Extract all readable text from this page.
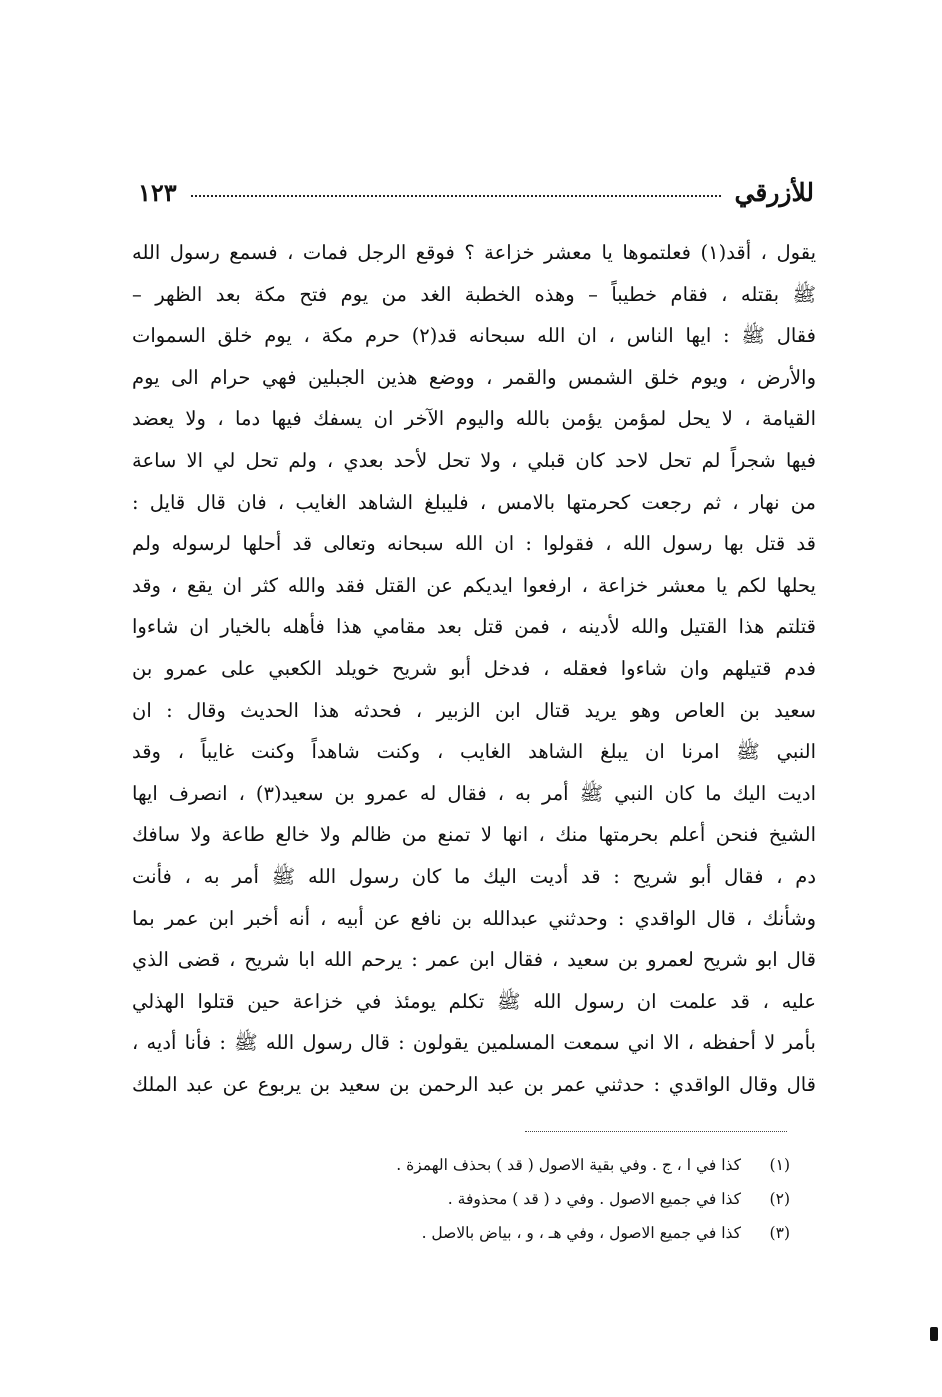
للأزرقي
١٢٣
يقول ، أقد(١) فعلتموها يا معشر خزاعة ؟ فوقع الرجل فمات ، فسمع رسول الله
ﷺ بقتله ، فقام خطيباً – وهذه الخطبة الغد من يوم فتح مكة بعد الظهر –
فقال ﷺ : ايها الناس ، ان الله سبحانه قد(٢) حرم مكة ، يوم خلق السموات
والأرض ، ويوم خلق الشمس والقمر ، ووضع هذين الجبلين فهي حرام الى يوم
القيامة ، لا يحل لمؤمن يؤمن بالله واليوم الآخر ان يسفك فيها دما ، ولا يعضد
فيها شجراً لم تحل لاحد كان قبلي ، ولا تحل لأحد بعدي ، ولم تحل لي الا ساعة
من نهار ، ثم رجعت كحرمتها بالامس ، فليبلغ الشاهد الغايب ، فان قال قايل :
قد قتل بها رسول الله ، فقولوا : ان الله سبحانه وتعالى قد أحلها لرسوله ولم
يحلها لكم يا معشر خزاعة ، ارفعوا ايديكم عن القتل فقد والله كثر ان يقع ، وقد
قتلتم هذا القتيل والله لأدينه ، فمن قتل بعد مقامي هذا فأهله بالخيار ان شاءوا
فدم قتيلهم وان شاءوا فعقله ، فدخل أبو شريح خويلد الكعبي على عمرو بن
سعيد بن العاص وهو يريد قتال ابن الزبير ، فحدثه هذا الحديث وقال : ان
النبي ﷺ امرنا ان يبلغ الشاهد الغايب ، وكنت شاهداً وكنت غايباً ، وقد
اديت اليك ما كان النبي ﷺ أمر به ، فقال له عمرو بن سعيد(٣) ، انصرف ايها
الشيخ فنحن أعلم بحرمتها منك ، انها لا تمنع من ظالم ولا خالع طاعة ولا سافك
دم ، فقال أبو شريح : قد أديت اليك ما كان رسول الله ﷺ أمر به ، فأنت
وشأنك ، قال الواقدي : وحدثني عبدالله بن نافع عن أبيه ، أنه أخبر ابن عمر بما
قال ابو شريح لعمرو بن سعيد ، فقال ابن عمر : يرحم الله ابا شريح ، قضى الذي
عليه ، قد علمت ان رسول الله ﷺ تكلم يومئذ في خزاعة حين قتلوا الهذلي
بأمر لا أحفظه ، الا اني سمعت المسلمين يقولون : قال رسول الله ﷺ : فأنا أديه ،
قال وقال الواقدي : حدثني عمر بن عبد الرحمن بن سعيد بن يربوع عن عبد الملك
(١) كذا في ا ، ج . وفي بقية الاصول ( قد ) بحذف الهمزة .
(٢) كذا في جميع الاصول . وفي د ( قد ) محذوفة .
(٣) كذا في جميع الاصول ، وفي هـ ، و ، بياض بالاصل .
